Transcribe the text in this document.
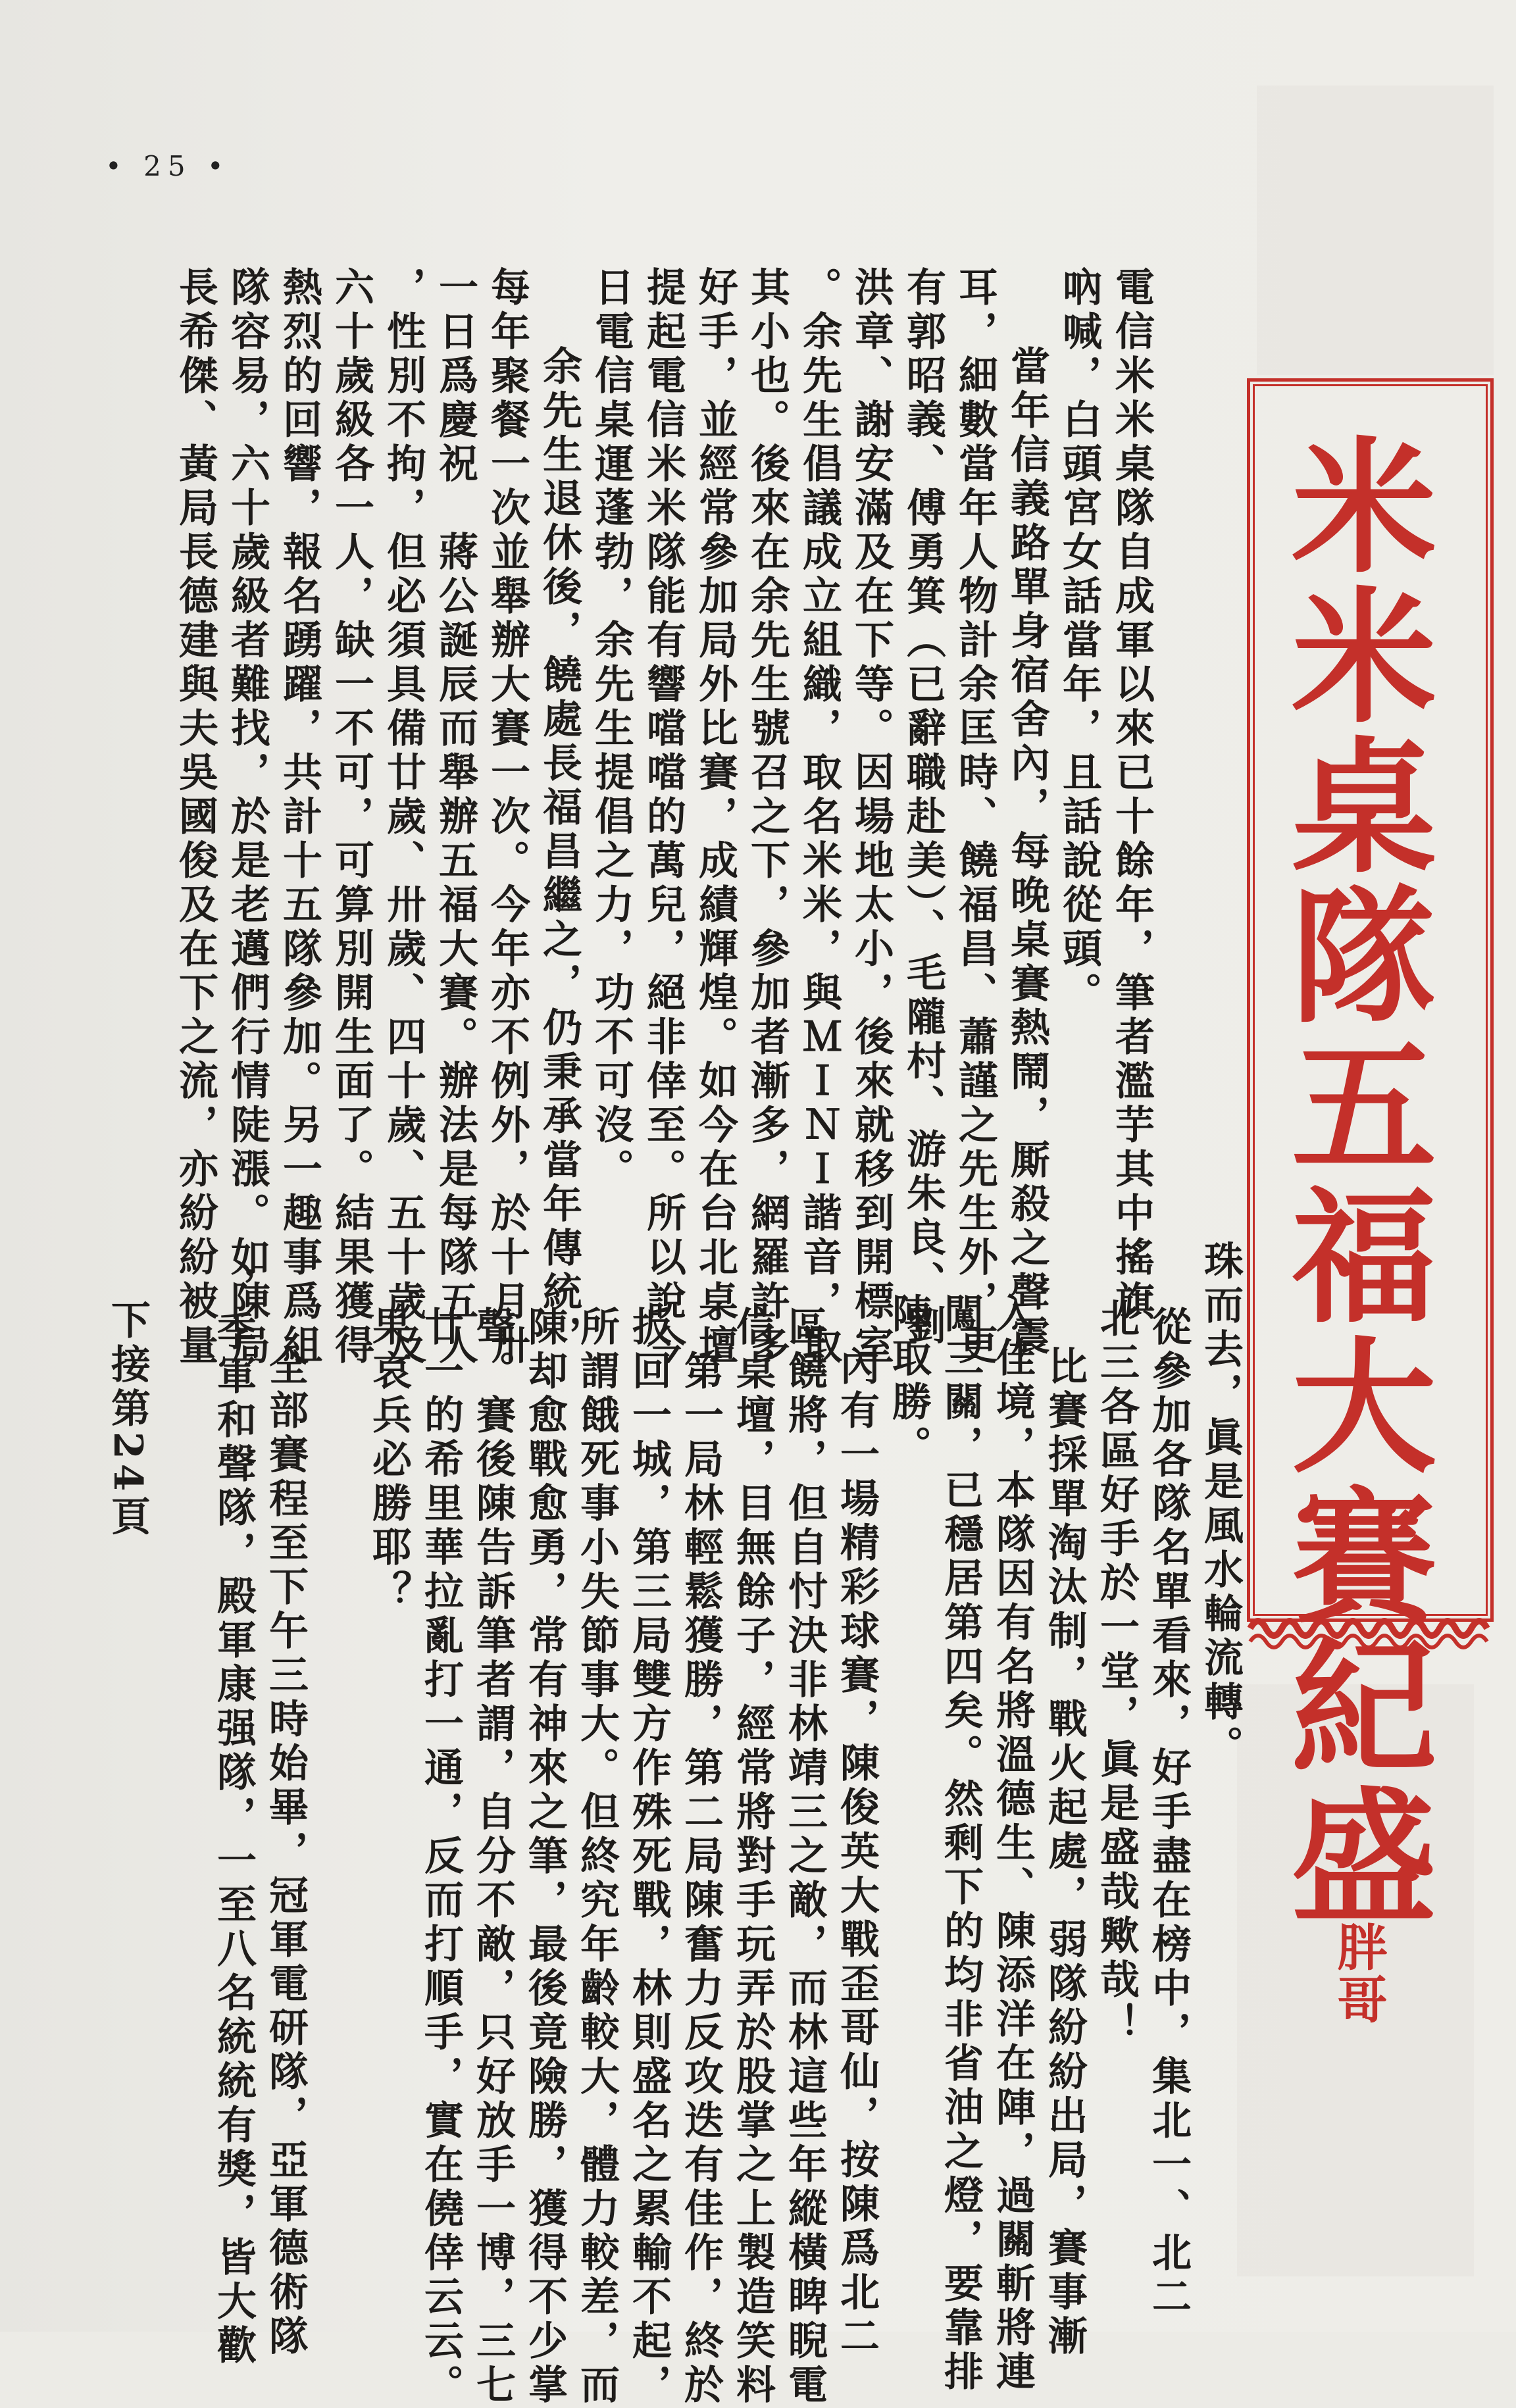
• 25 •
米米桌隊五福大賽紀盛
胖哥
電信米米桌隊自成軍以來已十餘年，筆者濫芋其中搖旗
吶喊，白頭宮女話當年，且話說從頭。
當年信義路單身宿舍內，每晚桌賽熱鬧，厮殺之聲震
耳，細數當年人物計余匡時、饒福昌、蕭謹之先生外，更
有郭昭義、傅勇箕（已辭職赴美）、毛隴村、游朱良、劉
洪章、謝安滿及在下等。因場地太小，後來就移到開標室
。余先生倡議成立組織，取名米米，與ＭＩＮＩ諧音，取
其小也。後來在余先生號召之下，參加者漸多，網羅許多
好手，並經常參加局外比賽，成績輝煌。如今在台北桌壇
提起電信米米隊能有響噹噹的萬兒，絕非倖至。所以說今
日電信桌運蓬勃，余先生提倡之力，功不可沒。
余先生退休後，饒處長福昌繼之，仍秉承當年傳統，
每年聚餐一次並舉辦大賽一次。今年亦不例外，於十月卅
一日爲慶祝　蔣公誕辰而舉辦五福大賽。辦法是每隊五人
，性別不拘，但必須具備廿歲、卅歲、四十歲、五十歲及
六十歲級各一人，缺一不可，可算別開生面了。結果獲得
熱烈的回響，報名踴躍，共計十五隊參加。另一趣事爲組
隊容易，六十歲級者難找，於是老邁們行情陡漲。如陳局
長希傑、黃局長德建與夫吳國俊及在下之流，亦紛紛被量
珠而去，眞是風水輪流轉。
從參加各隊名單看來，好手盡在榜中，集北一、北二
、北三各區好手於一堂，眞是盛哉歟哉！
比賽採單淘汰制，戰火起處，弱隊紛紛出局，賽事漸
入佳境，本隊因有名將溫德生、陳添洋在陣，過關斬將連
闖三關，已穩居第四矣。然剩下的均非省油之燈，要靠排
陣取勝。
內有一場精彩球賽，陳俊英大戰歪哥仙，按陳爲北二
區饒將，但自忖決非林靖三之敵，而林這些年縱橫睥睨電
信桌壇，目無餘子，經常將對手玩弄於股掌之上製造笑料
。第一局林輕鬆獲勝，第二局陳奮力反攻迭有佳作，終於
扳回一城，第三局雙方作殊死戰，林則盛名之累輸不起，
所謂餓死事小失節事大。但終究年齡較大，體力較差，而
陳却愈戰愈勇，常有神來之筆，最後竟險勝，獲得不少掌
聲。賽後陳告訴筆者謂，自分不敵，只好放手一博，三七
廿一的希里華拉亂打一通，反而打順手，實在僥倖云云。
果哀兵必勝耶？
全部賽程至下午三時始畢，冠軍電研隊，亞軍德術隊
，季軍和聲隊，殿軍康强隊，一至八名統統有獎，皆大歡
下接第24頁
